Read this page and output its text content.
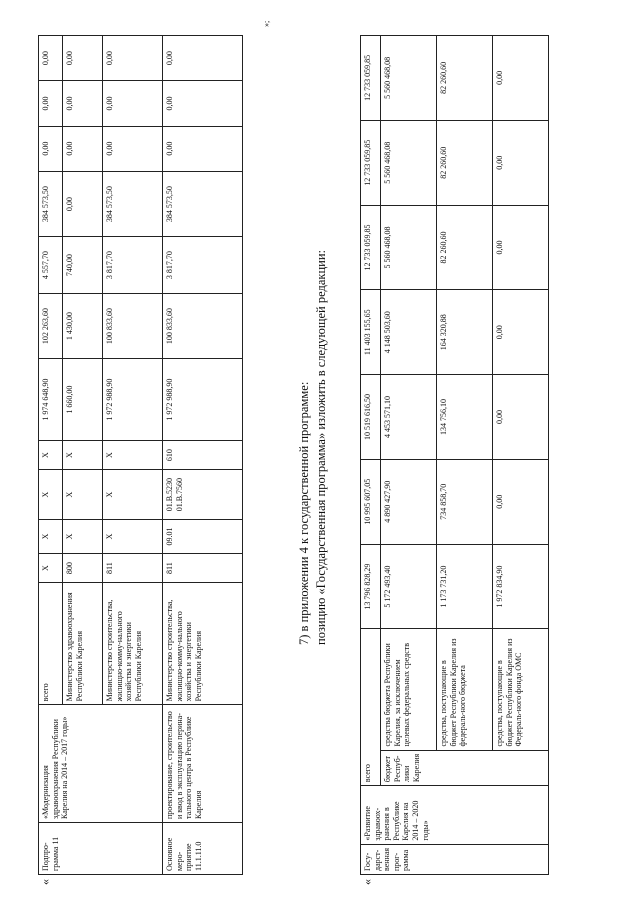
«	«
»;
Подпро-грамма 11	«Модернизация здравоохранения Республики Карелия на 2014 – 2017 годы»	всего	X	X	X	X	1 974 648,90	102 263,60	4 557,70	384 573,50	0,00	0,00	0,00
		Министерство здравоохранения Республики Карелия	800	X	X	X	1 660,00	1 430,00	740,00	0,00	0,00	0,00	0,00
		Министерство строительства, жилищно-комму-нального хозяйства и энергетики Республики Карелия	811	X	X	X	1 972 988,90	100 833,60	3 817,70	384 573,50	0,00	0,00	0,00
Основное меро-приятие 11.1.11.0	проектирование, строительство и ввод в эксплуатацию перина-тального центра в Республике Карелия	Министерство строительства, жилищно-комму-нального хозяйства и энергетики Республики Карелия	811	09.01	01.В.5230 01.В.7560	610	1 972 988,90	100 833,60	3 817,70	384 573,50	0,00	0,00	0,00
7) в приложении 4 к государственной программе: позицию «Государственная программа» изложить в следующей редакции:
Госу-дарст-венная прог-рамма	«Развитие здравоох-ранения в Республике Карелия на 2014 – 2020 годы»	всего		13 796 828,29	10 995 607,05	10 519 616,50	11 403 155,65	12 733 059,85	12 733 059,85	12 733 059,85
		бюджет Респуб-лики Карелия	средства бюджета Республики Карелия, за исключением целевых федеральных средств	5 172 493,40	4 890 427,90	4 453 571,10	4 148 503,60	5 560 468,08	5 560 468,08	5 560 468,08
			средства, поступающие в бюджет Республики Карелия из федераль-ного бюджета	1 173 731,20	734 858,70	134 756,10	164 320,88	82 260,60	82 260,60	82 260,60
			средства, поступающие в бюджет Республики Карелия из Федераль-ного фонда ОМС	1 972 834,90	0,00	0,00	0,00	0,00	0,00	0,00
